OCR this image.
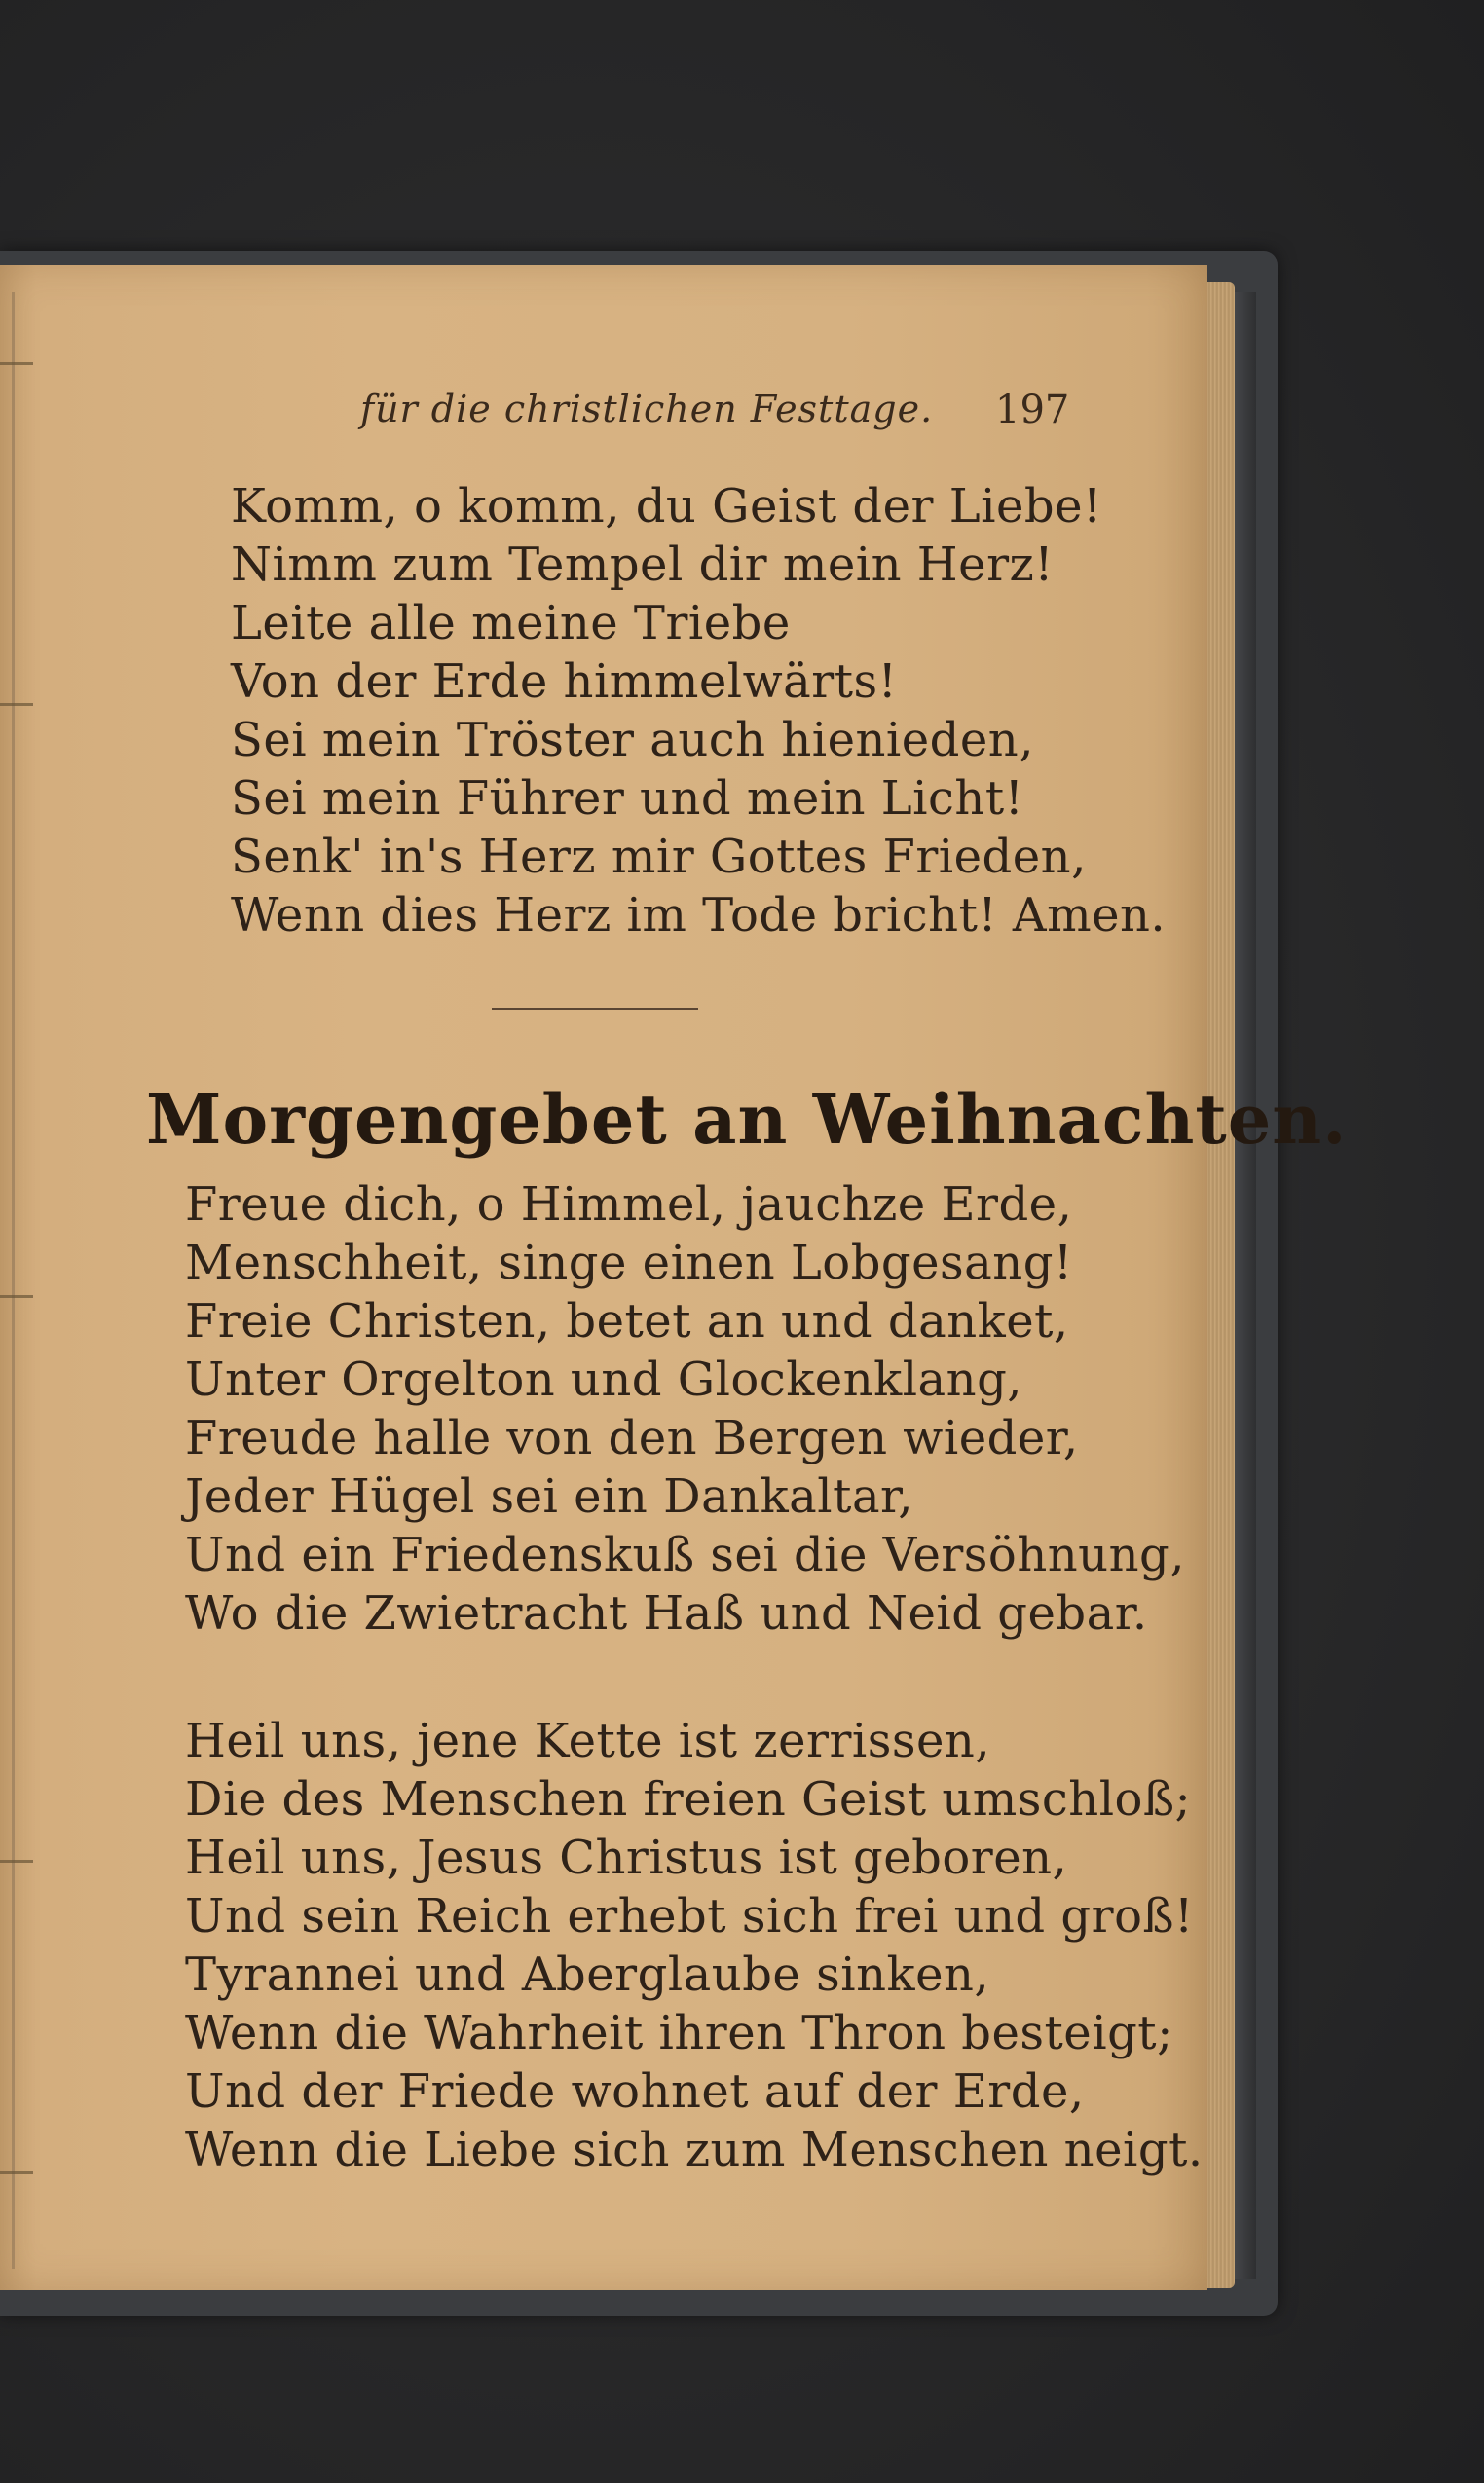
für die christlichen Festtage. 197
Komm, o komm, du Geist der Liebe!
Nimm zum Tempel dir mein Herz!
Leite alle meine Triebe
Von der Erde himmelwärts!
Sei mein Tröster auch hienieden,
Sei mein Führer und mein Licht!
Senk' in's Herz mir Gottes Frieden,
Wenn dies Herz im Tode bricht! Amen.
Morgengebet an Weihnachten.
Freue dich, o Himmel, jauchze Erde,
Menschheit, singe einen Lobgesang!
Freie Christen, betet an und danket,
Unter Orgelton und Glockenklang,
Freude halle von den Bergen wieder,
Jeder Hügel sei ein Dankaltar,
Und ein Friedenskuß sei die Versöhnung,
Wo die Zwietracht Haß und Neid gebar.
Heil uns, jene Kette ist zerrissen,
Die des Menschen freien Geist umschloß;
Heil uns, Jesus Christus ist geboren,
Und sein Reich erhebt sich frei und groß!
Tyrannei und Aberglaube sinken,
Wenn die Wahrheit ihren Thron besteigt;
Und der Friede wohnet auf der Erde,
Wenn die Liebe sich zum Menschen neigt.
